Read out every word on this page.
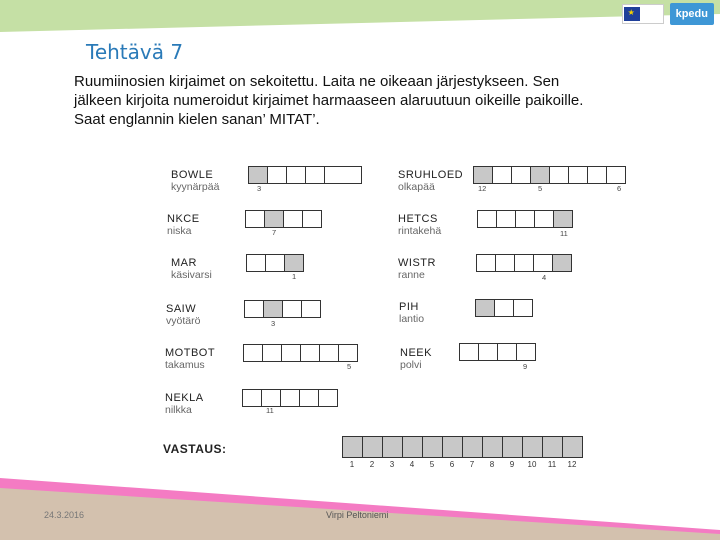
★
kpedu
Tehtävä 7

Ruumiinosien kirjaimet on sekoitettu. Laita ne oikeaan järjestykseen. Sen
jälkeen kirjoita numeroidut kirjaimet harmaaseen alaruutuun oikeille paikoille.
Saat englannin kielen sanan’ MITAT’.

BOWLE
kyynärpää	3
NKCE
niska	7
MAR
käsivarsi	1
SAIW
vyötärö	3
MOTBOT
takamus	5
NEKLA
nilkka	11
SRUHLOED
olkapää	12	5	6
HETCS
rintakehä	11
WISTR
ranne	4
PIH
lantio
NEEK
polvi	9
VASTAUS:
1	2	3	4	5	6	7	8	9	10	11	12
24.3.2016	Virpi Peltoniemi
